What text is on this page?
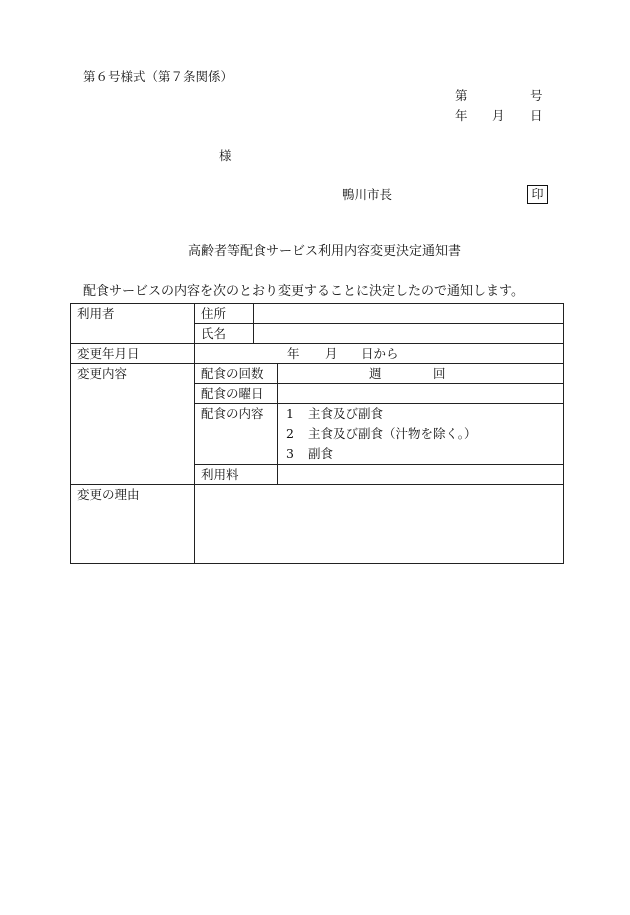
第６号様式（第７条関係）
第	号
年 月 日
様
鴨川市長	印
高齢者等配食サービス利用内容変更決定通知書
配食サービスの内容を次のとおり変更することに決定したので通知します。
利用者	住所		
	氏名		
変更年月日	年 月 日から		

変更内容	配食の回数		週 回

	配食の曜日		
	配食の内容		1 主食及び副食
2 主食及び副食（汁物を除く。）
3 副食

	利用料		
変更の理由			
